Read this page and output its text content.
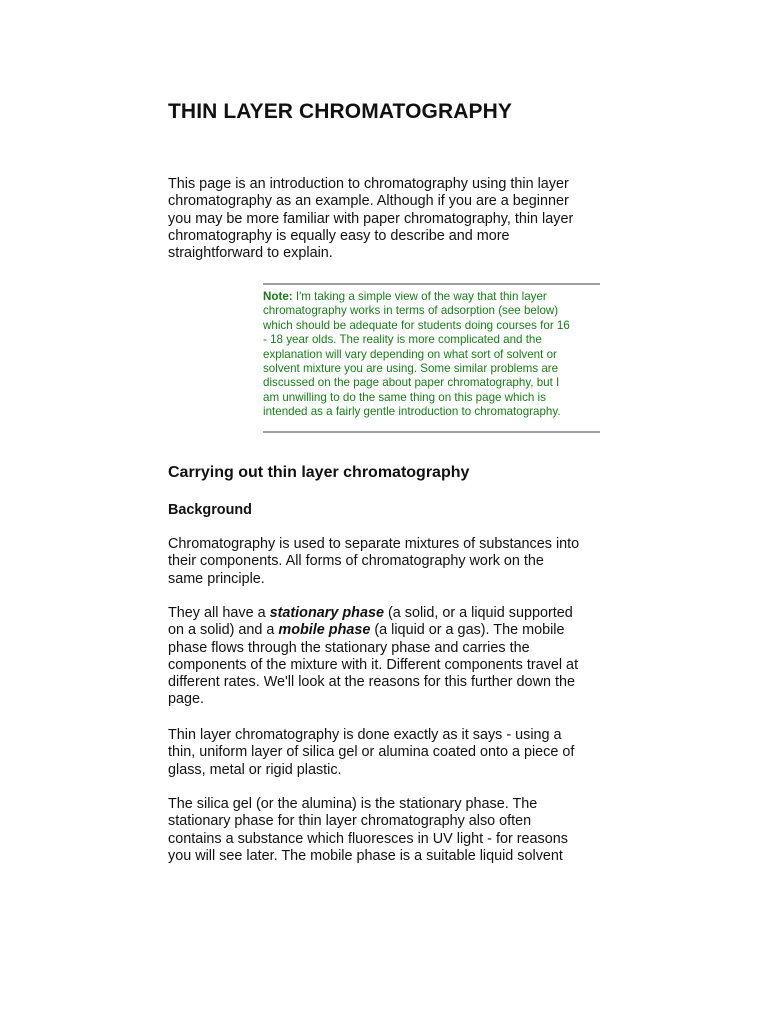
THIN LAYER CHROMATOGRAPHY

This page is an introduction to chromatography using thin layer
chromatography as an example. Although if you are a beginner
you may be more familiar with paper chromatography, thin layer
chromatography is equally easy to describe and more
straightforward to explain.

Note: I'm taking a simple view of the way that thin layer
chromatography works in terms of adsorption (see below)
which should be adequate for students doing courses for 16
- 18 year olds. The reality is more complicated and the
explanation will vary depending on what sort of solvent or
solvent mixture you are using. Some similar problems are
discussed on the page about paper chromatography, but I
am unwilling to do the same thing on this page which is
intended as a fairly gentle introduction to chromatography.

Carrying out thin layer chromatography
Background

Chromatography is used to separate mixtures of substances into
their components. All forms of chromatography work on the
same principle.

They all have a stationary phase (a solid, or a liquid supported
on a solid) and a mobile phase (a liquid or a gas). The mobile
phase flows through the stationary phase and carries the
components of the mixture with it. Different components travel at
different rates. We'll look at the reasons for this further down the
page.

Thin layer chromatography is done exactly as it says - using a
thin, uniform layer of silica gel or alumina coated onto a piece of
glass, metal or rigid plastic.

The silica gel (or the alumina) is the stationary phase. The
stationary phase for thin layer chromatography also often
contains a substance which fluoresces in UV light - for reasons
you will see later. The mobile phase is a suitable liquid solvent
